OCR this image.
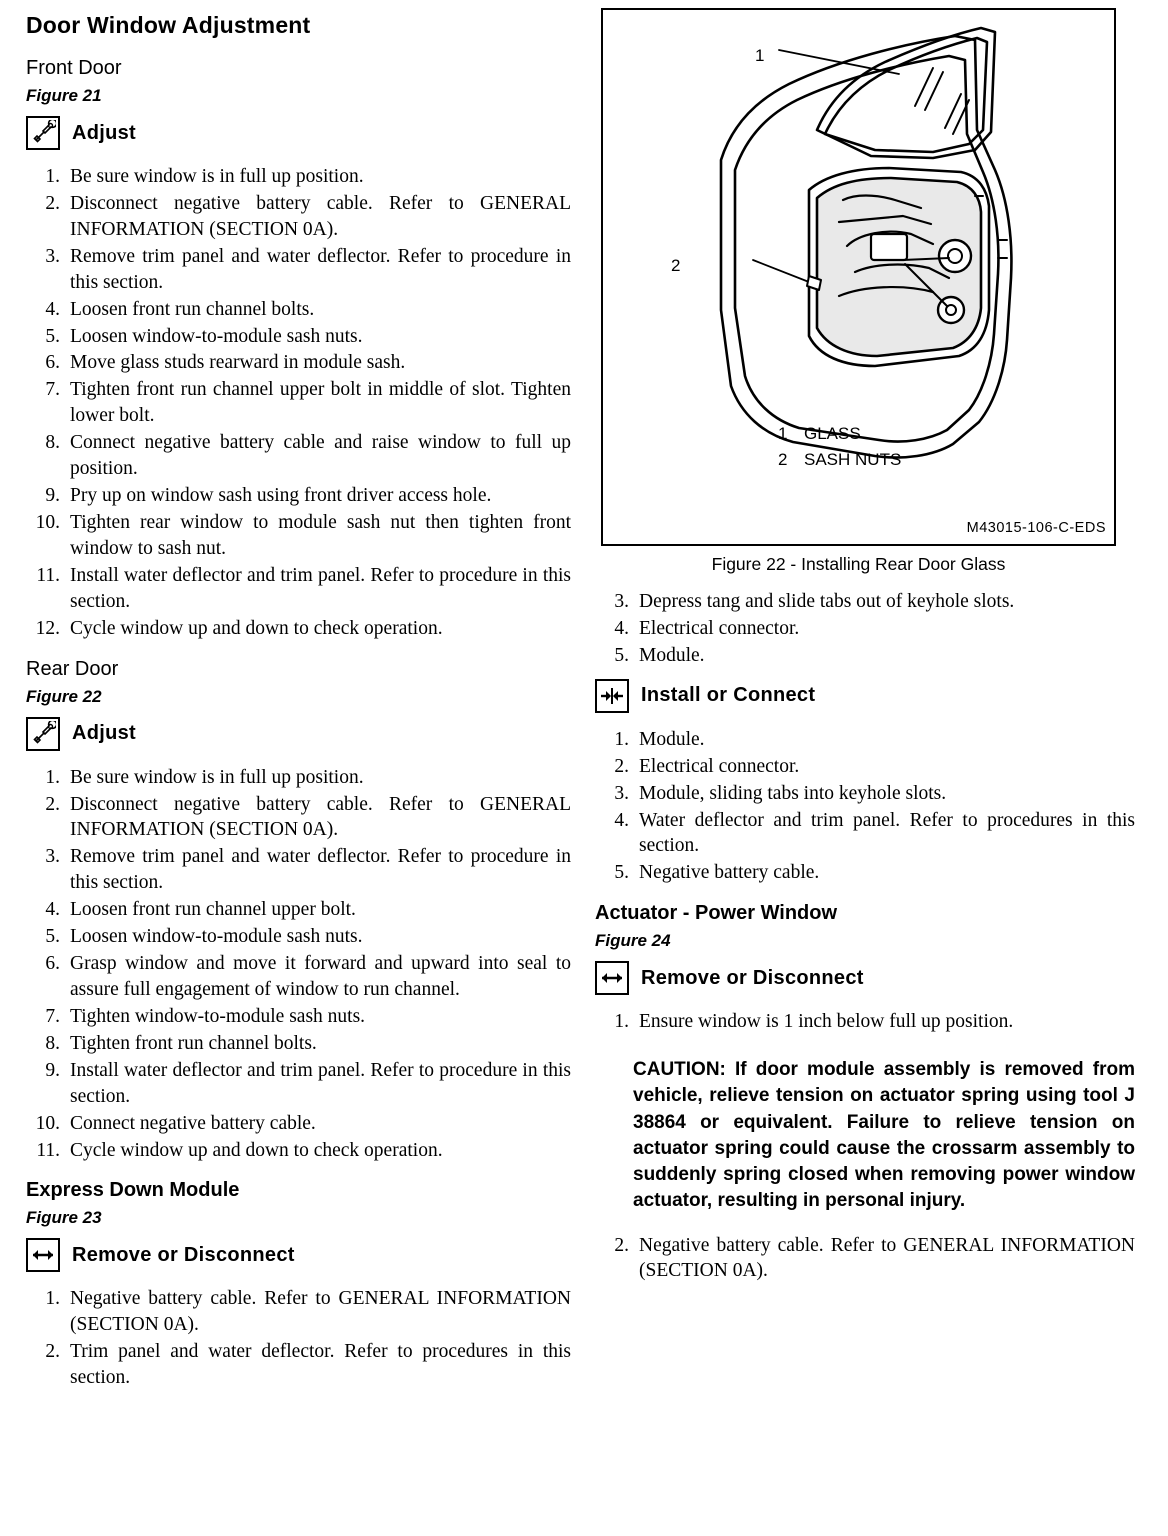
Door Window Adjustment
Front Door
Figure 21
Adjust
1. Be sure window is in full up position.
2. Disconnect negative battery cable. Refer to GENERAL INFORMATION (SECTION 0A).
3. Remove trim panel and water deflector. Refer to procedure in this section.
4. Loosen front run channel bolts.
5. Loosen window-to-module sash nuts.
6. Move glass studs rearward in module sash.
7. Tighten front run channel upper bolt in middle of slot. Tighten lower bolt.
8. Connect negative battery cable and raise window to full up position.
9. Pry up on window sash using front driver access hole.
10. Tighten rear window to module sash nut then tighten front window to sash nut.
11. Install water deflector and trim panel. Refer to procedure in this section.
12. Cycle window up and down to check operation.
Rear Door
Figure 22
Adjust
1. Be sure window is in full up position.
2. Disconnect negative battery cable. Refer to GENERAL INFORMATION (SECTION 0A).
3. Remove trim panel and water deflector. Refer to procedure in this section.
4. Loosen front run channel upper bolt.
5. Loosen window-to-module sash nuts.
6. Grasp window and move it forward and upward into seal to assure full engagement of window to run channel.
7. Tighten window-to-module sash nuts.
8. Tighten front run channel bolts.
9. Install water deflector and trim panel. Refer to procedure in this section.
10. Connect negative battery cable.
11. Cycle window up and down to check operation.
Express Down Module
Figure 23
Remove or Disconnect
1. Negative battery cable. Refer to GENERAL INFORMATION (SECTION 0A).
2. Trim panel and water deflector. Refer to procedures in this section.
1
2
1 GLASS
2 SASH NUTS
M43015-106-C-EDS
Figure 22 - Installing Rear Door Glass
3. Depress tang and slide tabs out of keyhole slots.
4. Electrical connector.
5. Module.
Install or Connect
1. Module.
2. Electrical connector.
3. Module, sliding tabs into keyhole slots.
4. Water deflector and trim panel. Refer to procedures in this section.
5. Negative battery cable.
Actuator - Power Window
Figure 24
Remove or Disconnect
1. Ensure window is 1 inch below full up position.
CAUTION: If door module assembly is removed from vehicle, relieve tension on actuator spring using tool J 38864 or equivalent. Failure to relieve tension on actuator spring could cause the crossarm assembly to suddenly spring closed when removing power window actuator, resulting in personal injury.
2. Negative battery cable. Refer to GENERAL INFORMATION (SECTION 0A).
